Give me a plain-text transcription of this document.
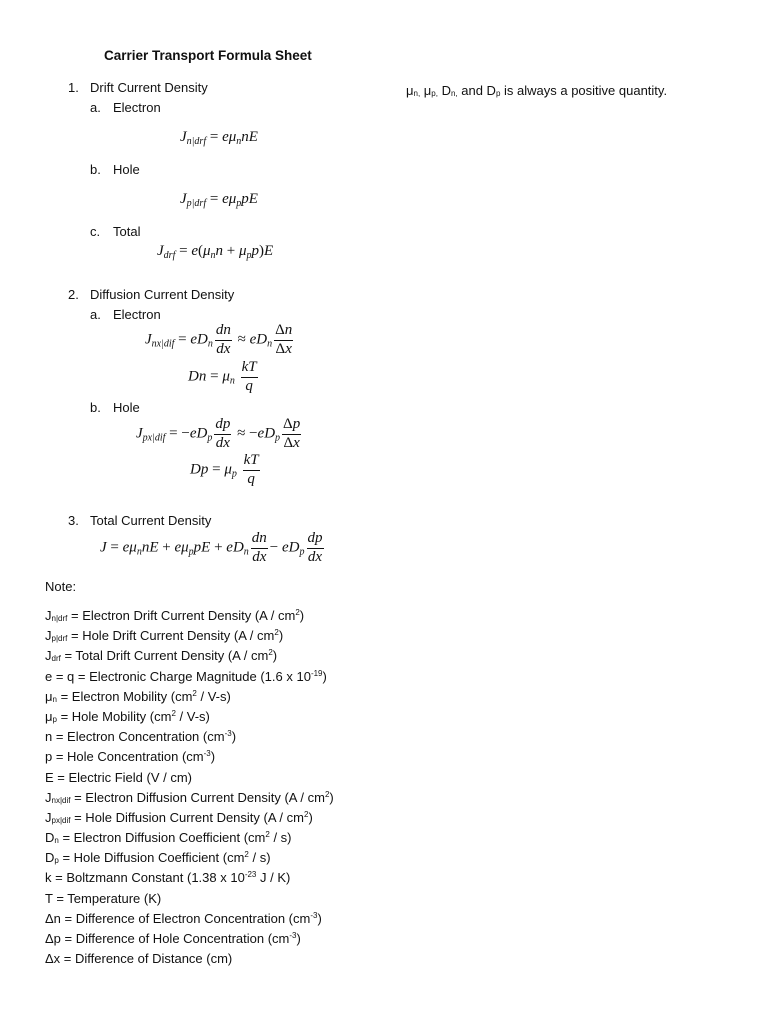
Carrier Transport Formula Sheet
$\mu_{n,}$ $\mu_{p,}$ $D_{n,}$ and $D_p$ is always a positive quantity.
1. Drift Current Density
a. Electron
$J_{n|drf} = e\mu_nnE$
b. Hole
$J_{p|drf} = e\mu_ppE$
c. Total
$J_{drf} = e(\mu_nn + \mu_pp)E$
2. Diffusion Current Density
a. Electron
$J_{nx|dif} = eD_n \frac{dn}{dx} \approx eD_n \frac{\Delta n}{\Delta x}$
$Dn = \mu_n \frac{kT}{q}$
b. Hole
$J_{px|dif} = -eD_p \frac{dp}{dx} \approx -eD_p \frac{\Delta p}{\Delta x}$
$Dp = \mu_p \frac{kT}{q}$
3. Total Current Density
$J = e\mu_nnE + e\mu_ppE + eD_n \frac{dn}{dx} - eD_p \frac{dp}{dx}$
Note:
$J_{n|drf}$ = Electron Drift Current Density $(A / cm^2)$
$J_{p|drf}$ = Hole Drift Current Density $(A / cm^2)$
$J_{drf}$ = Total Drift Current Density $(A / cm^2)$
e = q = Electronic Charge Magnitude (1.6 x $10^{-19}$)
$\mu_n$ = Electron Mobility $(cm^2 / V-s)$
$\mu_p$ = Hole Mobility $(cm^2 / V-s)$
n = Electron Concentration $(cm^{-3})$
p = Hole Concentration $(cm^{-3})$
E = Electric Field (V / cm)
$J_{nx|dif}$ = Electron Diffusion Current Density $(A / cm^2)$
$J_{px|dif}$ = Hole Diffusion Current Density $(A / cm^2)$
$D_n$ = Electron Diffusion Coefficient $(cm^2 / s)$
$D_p$ = Hole Diffusion Coefficient $(cm^2 / s)$
k = Boltzmann Constant (1.38 x $10^{-23}$ J / K)
T = Temperature (K)
Δn = Difference of Electron Concentration $(cm^{-3})$
Δp = Difference of Hole Concentration $(cm^{-3})$
Δx = Difference of Distance (cm)
